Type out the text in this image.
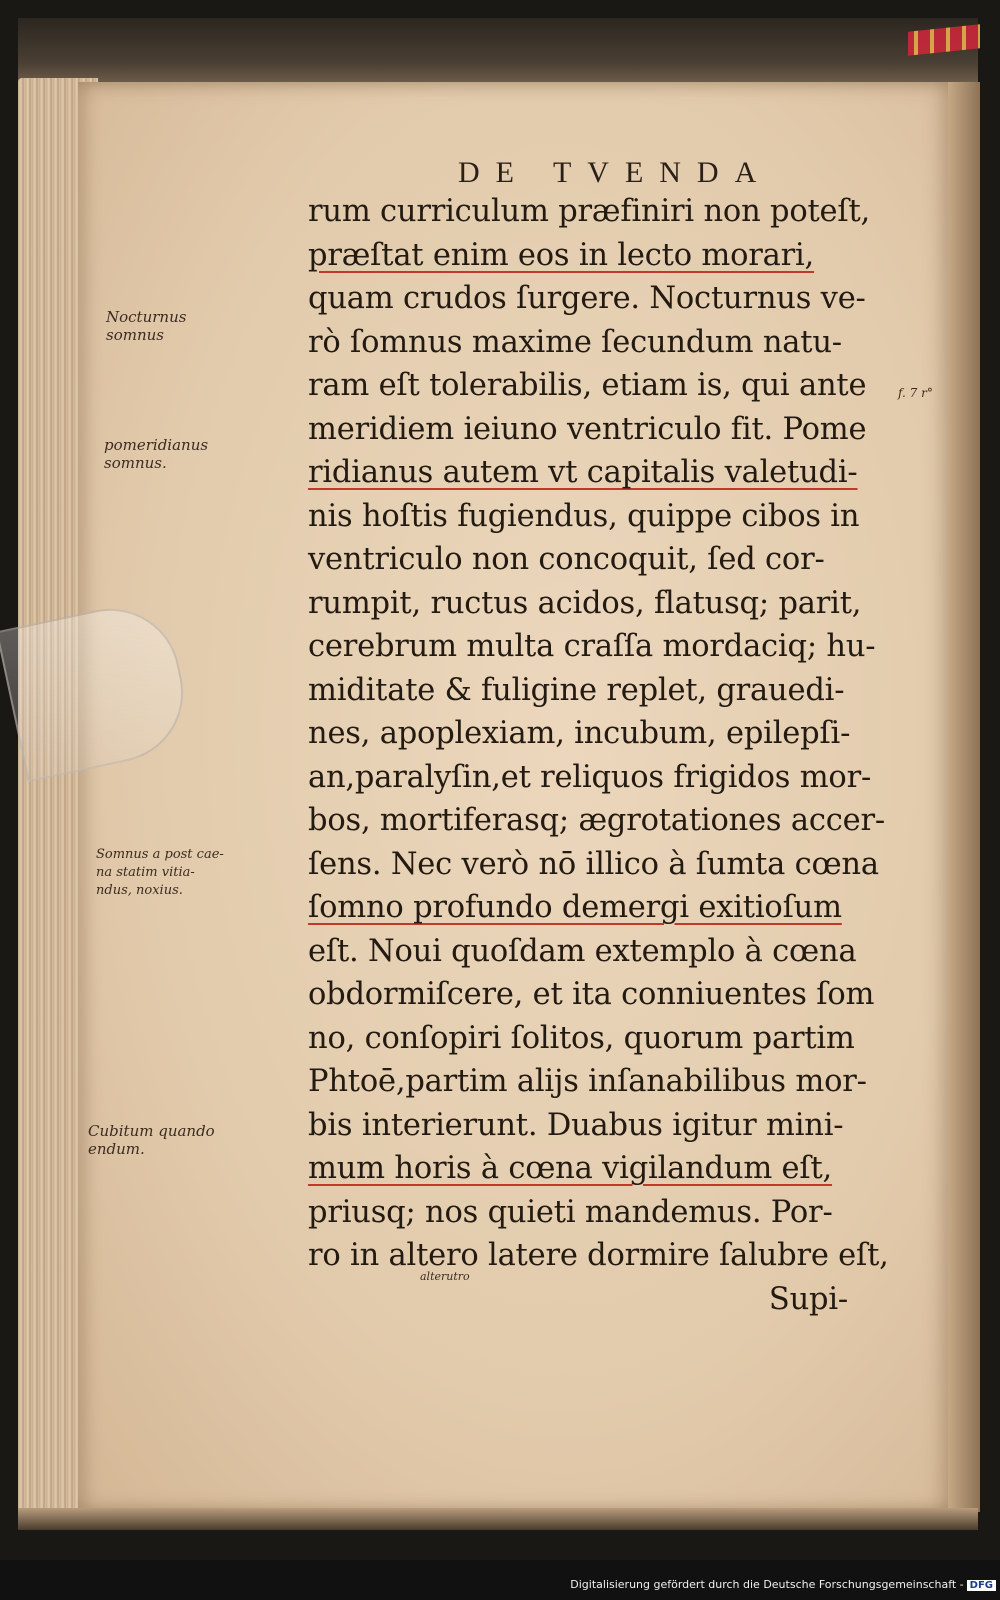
DE TVENDA
rum curriculum præfiniri non poteſt,
præſtat enim eos in lecto morari,
quam crudos ſurgere. Nocturnus ve-
rò ſomnus maxime ſecundum natu-
ram eſt tolerabilis, etiam is, qui ante
meridiem ieiuno ventriculo fit. Pome
ridianus autem vt capitalis valetudi-
nis hoſtis fugiendus, quippe cibos in
ventriculo non concoquit, ſed cor-
rumpit, ructus acidos, flatusq; parit,
cerebrum multa craſſa mordaciq; hu-
miditate & fuligine replet, grauedi-
nes, apoplexiam, incubum, epilepſi-
an,paralyſin,et reliquos frigidos mor-
bos, mortiferasq; ægrotationes accer-
ſens. Nec verò nō illico à ſumta cœna
ſomno profundo demergi exitioſum
eſt. Noui quoſdam extemplo à cœna
obdormiſcere, et ita conniuentes ſom
no, conſopiri ſolitos, quorum partim
Phtoē,partim alijs inſanabilibus mor-
bis interierunt. Duabus igitur mini-
mum horis à cœna vigilandum eſt,
priusq; nos quieti mandemus. Por-
ro in altero latere dormire ſalubre eſt,
Supi-
Nocturnus
somnus
pomeridianus
somnus.
Somnus a post cae-
na statim vitia-
ndus, noxius.
Cubitum quando
endum.
alterutro
f. 7 r°
Digitalisierung gefördert durch die Deutsche Forschungsgemeinschaft - DFG
